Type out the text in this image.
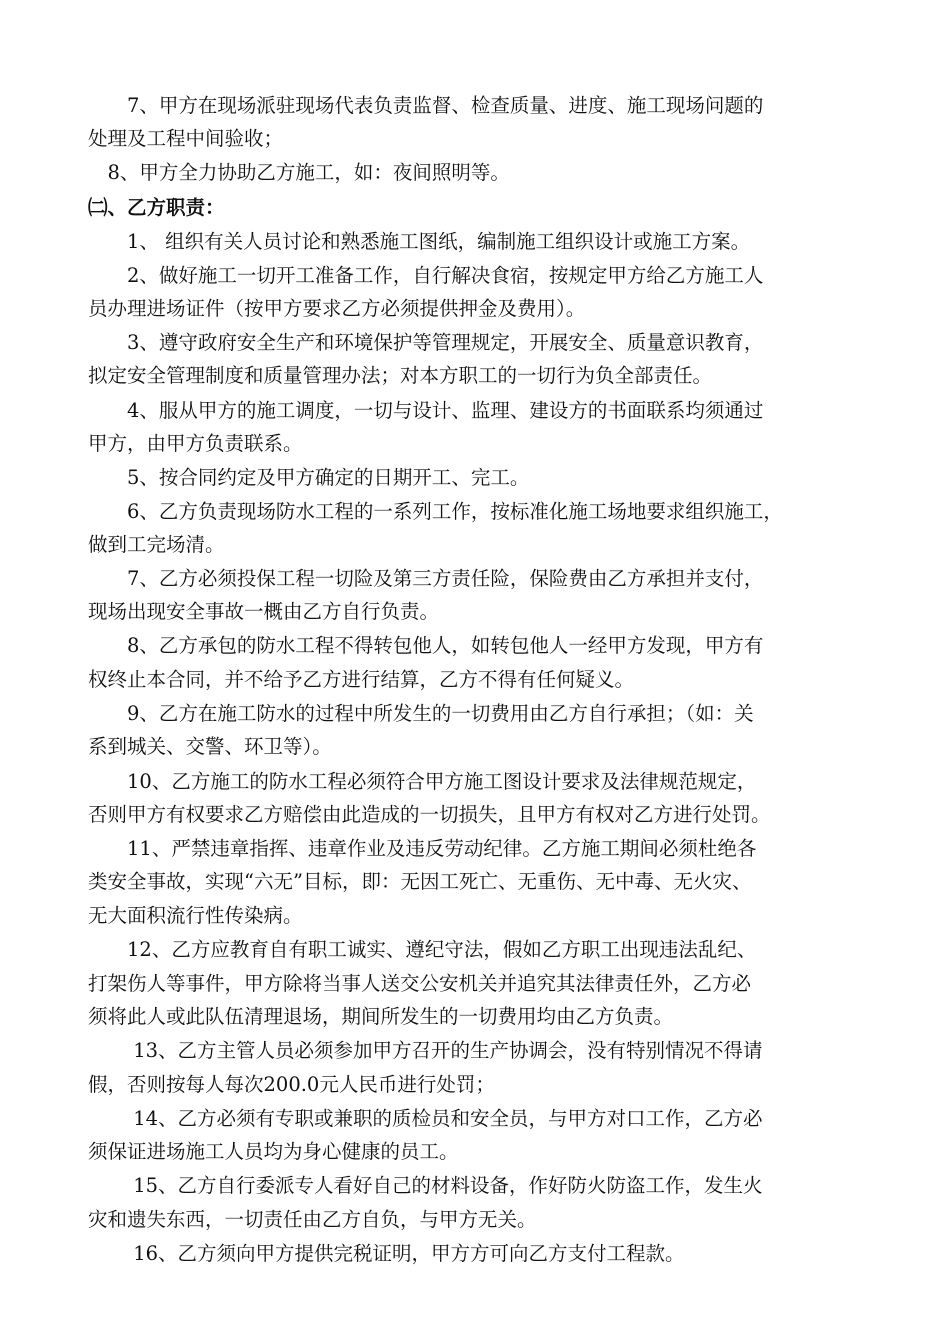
　　7、甲方在现场派驻现场代表负责监督、检查质量、进度、施工现场问题的
处理及工程中间验收；
　8、甲方全力协助乙方施工，如：夜间照明等。
㈡、乙方职责：
　　1、 组织有关人员讨论和熟悉施工图纸，编制施工组织设计或施工方案。
　　2、做好施工一切开工准备工作，自行解决食宿，按规定甲方给乙方施工人
员办理进场证件（按甲方要求乙方必须提供押金及费用）。
　　3、遵守政府安全生产和环境保护等管理规定，开展安全、质量意识教育，
拟定安全管理制度和质量管理办法；对本方职工的一切行为负全部责任。
　　4、服从甲方的施工调度，一切与设计、监理、建设方的书面联系均须通过
甲方，由甲方负责联系。
　　5、按合同约定及甲方确定的日期开工、完工。
　　6、乙方负责现场防水工程的一系列工作，按标准化施工场地要求组织施工，
做到工完场清。
　　7、乙方必须投保工程一切险及第三方责任险，保险费由乙方承担并支付，
现场出现安全事故一概由乙方自行负责。
　　8、乙方承包的防水工程不得转包他人，如转包他人一经甲方发现，甲方有
权终止本合同，并不给予乙方进行结算，乙方不得有任何疑义。
　　9、乙方在施工防水的过程中所发生的一切费用由乙方自行承担；（如：关
系到城关、交警、环卫等）。
　　10、乙方施工的防水工程必须符合甲方施工图设计要求及法律规范规定，
否则甲方有权要求乙方赔偿由此造成的一切损失，且甲方有权对乙方进行处罚。
　　11、严禁违章指挥、违章作业及违反劳动纪律。乙方施工期间必须杜绝各
类安全事故，实现“六无”目标，即：无因工死亡、无重伤、无中毒、无火灾、
无大面积流行性传染病。
　　12、乙方应教育自有职工诚实、遵纪守法，假如乙方职工出现违法乱纪、
打架伤人等事件，甲方除将当事人送交公安机关并追究其法律责任外，乙方必
须将此人或此队伍清理退场，期间所发生的一切费用均由乙方负责。
　　 13、乙方主管人员必须参加甲方召开的生产协调会，没有特别情况不得请
假，否则按每人每次200.0元人民币进行处罚；
　　 14、乙方必须有专职或兼职的质检员和安全员，与甲方对口工作，乙方必
须保证进场施工人员均为身心健康的员工。
　　 15、乙方自行委派专人看好自己的材料设备，作好防火防盗工作，发生火
灾和遗失东西，一切责任由乙方自负，与甲方无关。
　　 16、乙方须向甲方提供完税证明，甲方方可向乙方支付工程款。
